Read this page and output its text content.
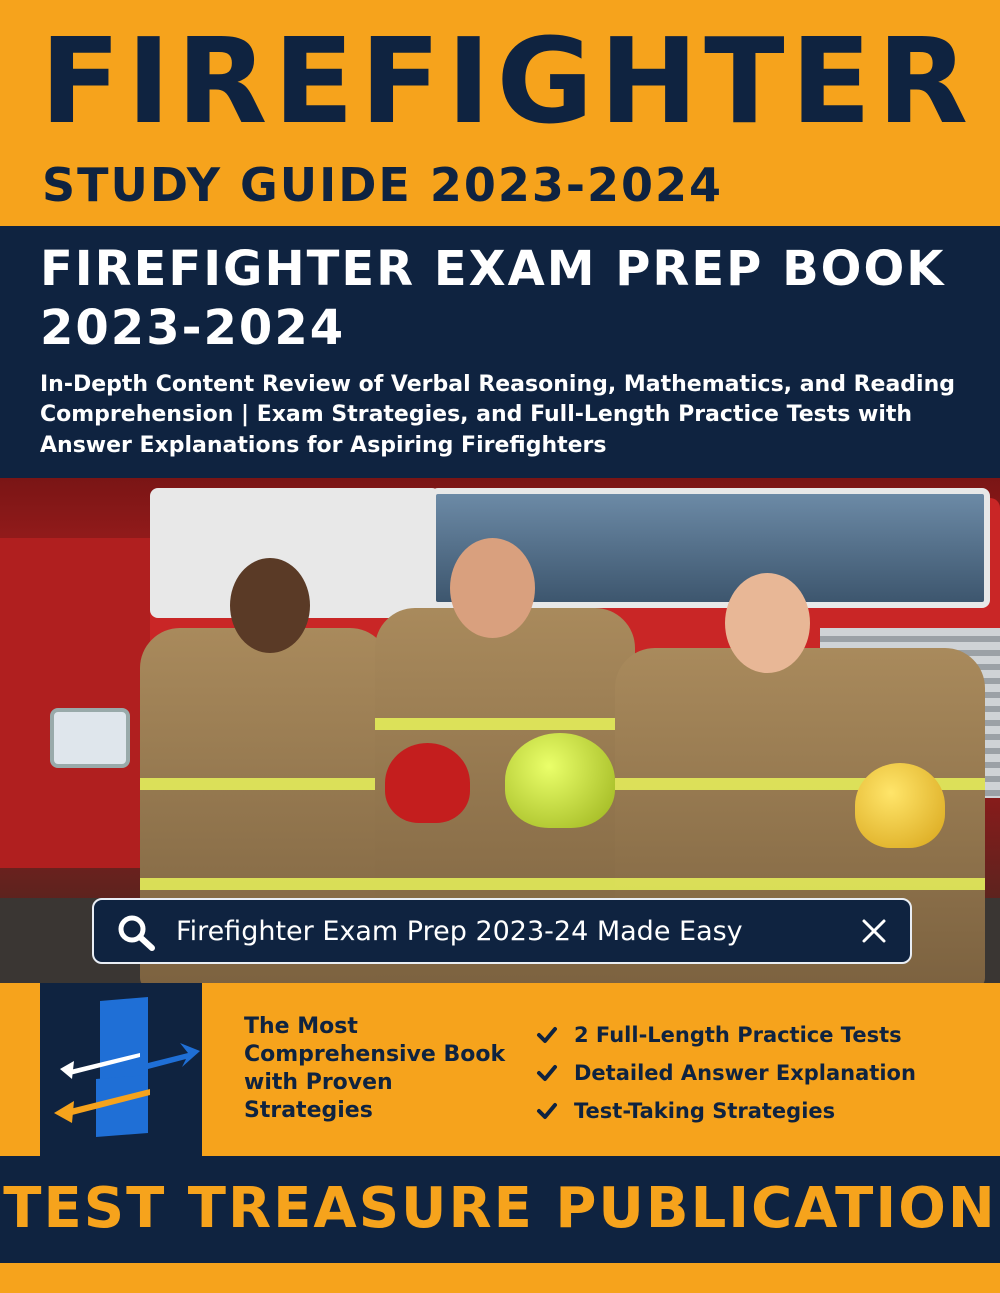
FIREFIGHTER
STUDY GUIDE 2023-2024
FIREFIGHTER EXAM PREP BOOK 2023-2024
In-Depth Content Review of Verbal Reasoning, Mathematics, and Reading Comprehension | Exam Strategies, and Full-Length Practice Tests with Answer Explanations for Aspiring Firefighters
Firefighter Exam Prep 2023-24 Made Easy
The Most Comprehensive Book with Proven Strategies
2 Full-Length Practice Tests
Detailed Answer Explanation
Test-Taking Strategies
TEST TREASURE PUBLICATION
